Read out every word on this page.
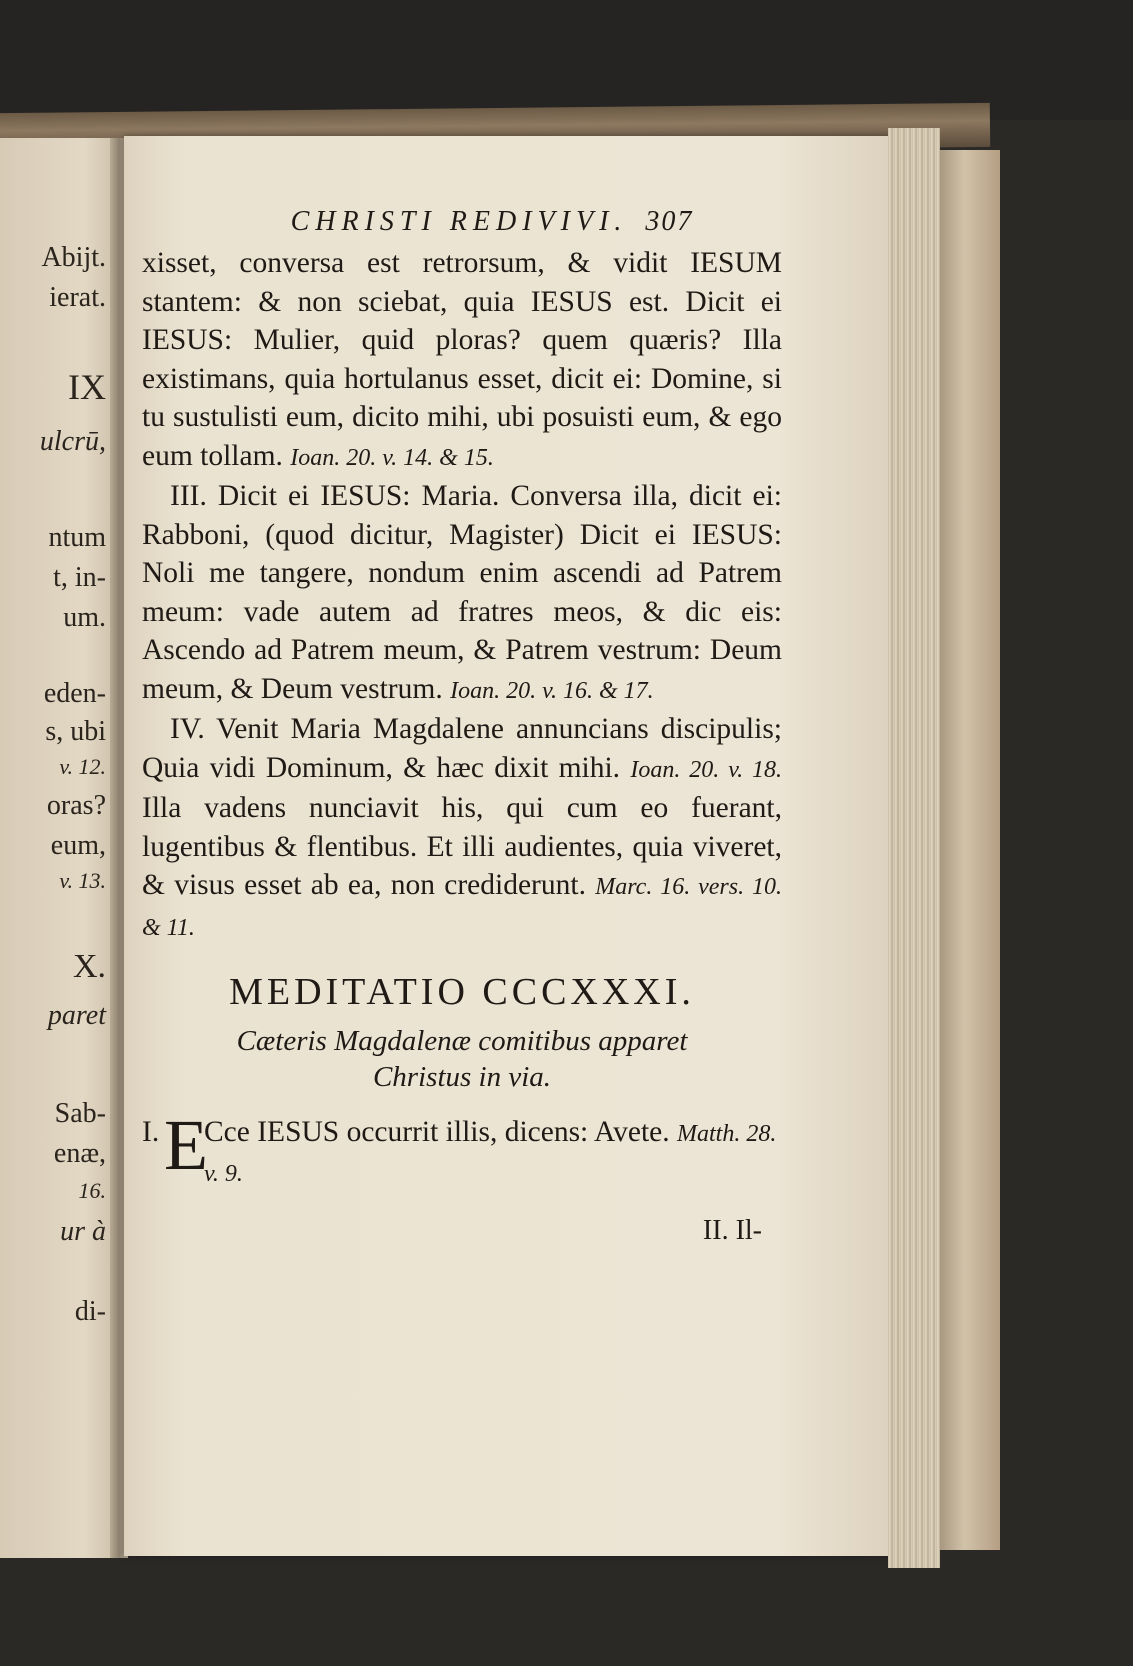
Abijt.
ierat.
IX
ulcrū,
ntum
t, in-
um.
eden-
s, ubi
v. 12.
oras?
eum,
v. 13.
X.
paret
Sab-
enæ,
16.
ur à
di-
CHRISTI REDIVIVI. 307

xisset, conversa est retrorsum, & vidit IESUM stantem: & non sciebat, quia IESUS est. Dicit ei IESUS: Mulier, quid ploras? quem quæris? Illa existimans, quia hortulanus esset, dicit ei: Domine, si tu sustulisti eum, dicito mihi, ubi posuisti eum, & ego eum tollam. Ioan. 20. v. 14. & 15.

III. Dicit ei IESUS: Maria. Conversa illa, dicit ei: Rabboni, (quod dicitur, Magister) Dicit ei IESUS: Noli me tangere, nondum enim ascendi ad Patrem meum: vade autem ad fratres meos, & dic eis: Ascendo ad Patrem meum, & Patrem vestrum: Deum meum, & Deum vestrum. Ioan. 20. v. 16. & 17.

IV. Venit Maria Magdalene annuncians discipulis; Quia vidi Dominum, & hæc dixit mihi. Ioan. 20. v. 18. Illa vadens nunciavit his, qui cum eo fuerant, lugentibus & flentibus. Et illi audientes, quia viveret, & visus esset ab ea, non crediderunt. Marc. 16. vers. 10. & 11.

MEDITATIO CCCXXXI.
Cæteris Magdalenæ comitibus apparet
Christus in via.
I. E
Cce IESUS occurrit illis, dicens: Avete. Matth. 28. v. 9.
II. Il-
